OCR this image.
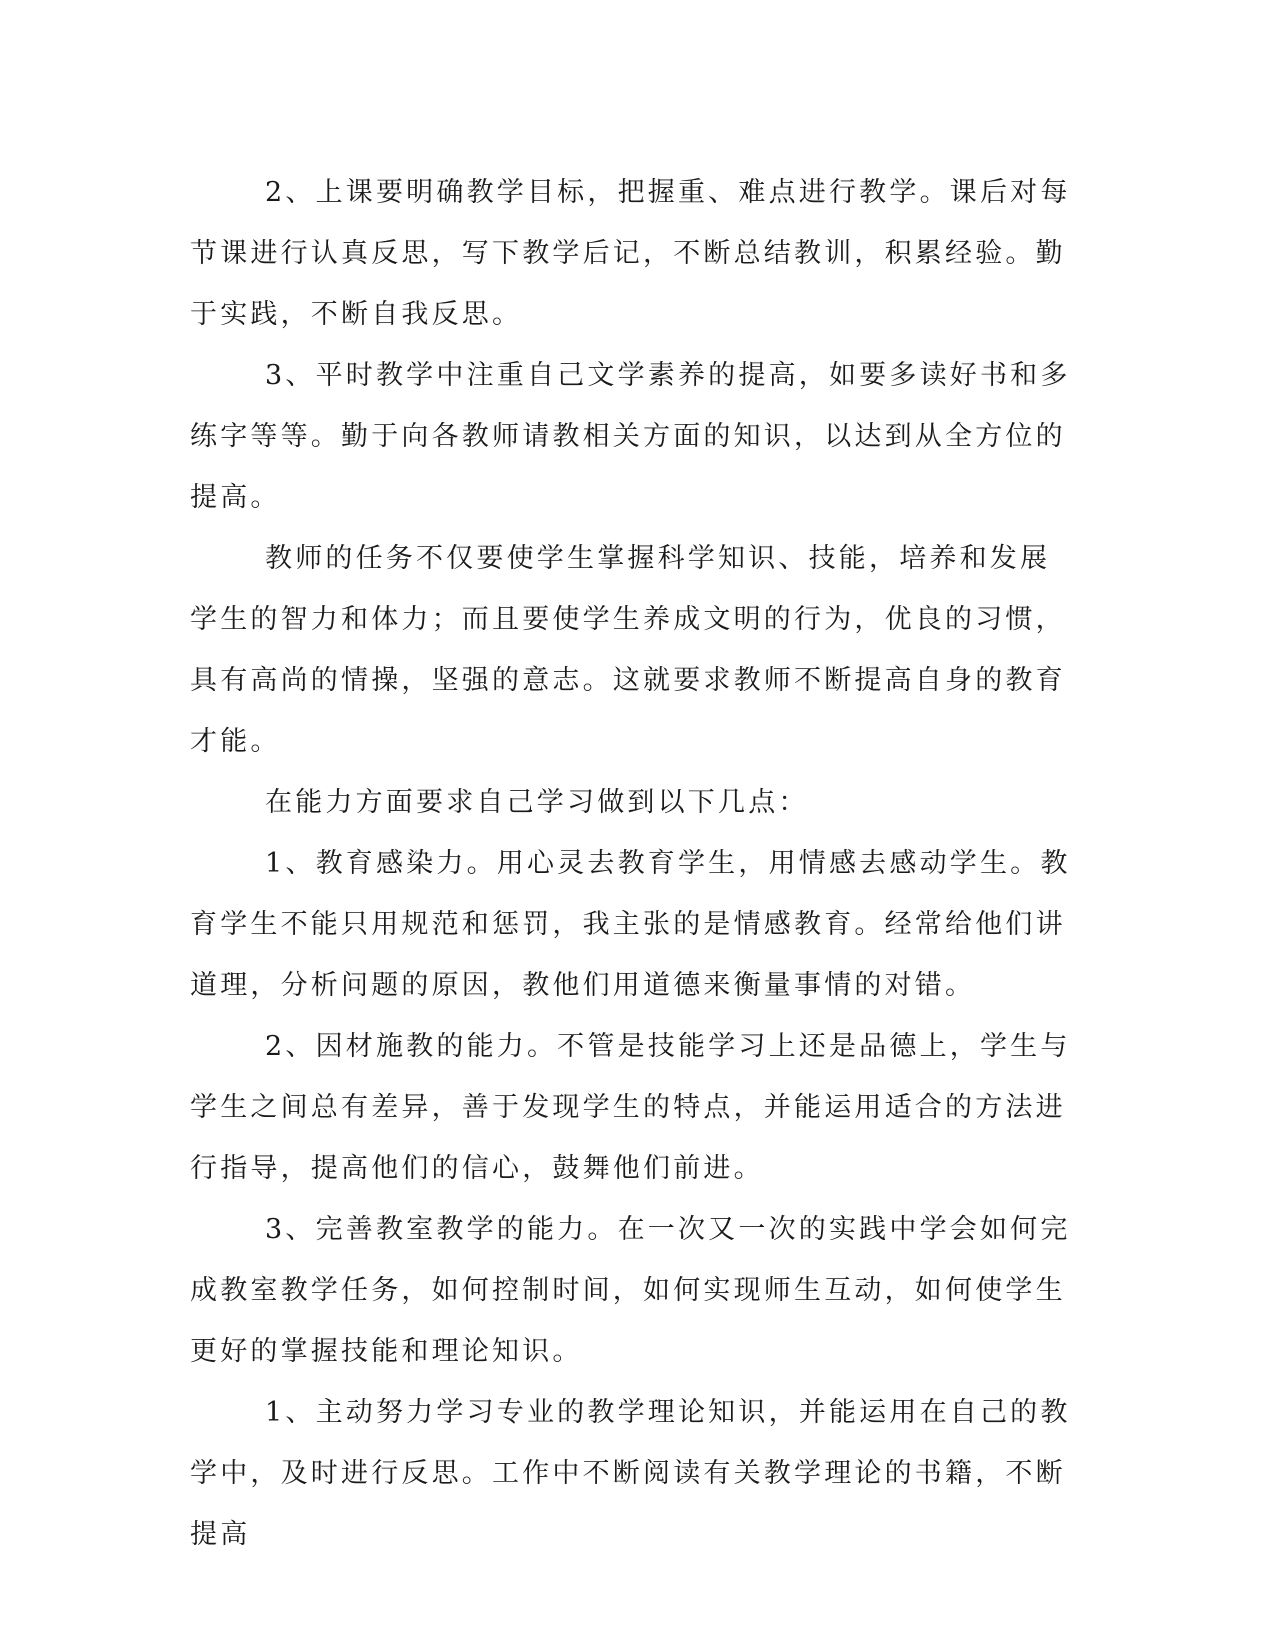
2、上课要明确教学目标，把握重、难点进行教学。课后对每节课进行认真反思，写下教学后记，不断总结教训，积累经验。勤于实践，不断自我反思。

3、平时教学中注重自己文学素养的提高，如要多读好书和多练字等等。勤于向各教师请教相关方面的知识，以达到从全方位的提高。

教师的任务不仅要使学生掌握科学知识、技能，培养和发展学生的智力和体力；而且要使学生养成文明的行为，优良的习惯，具有高尚的情操，坚强的意志。这就要求教师不断提高自身的教育才能。

在能力方面要求自己学习做到以下几点：

1、教育感染力。用心灵去教育学生，用情感去感动学生。教育学生不能只用规范和惩罚，我主张的是情感教育。经常给他们讲道理，分析问题的原因，教他们用道德来衡量事情的对错。

2、因材施教的能力。不管是技能学习上还是品德上，学生与学生之间总有差异，善于发现学生的特点，并能运用适合的方法进行指导，提高他们的信心，鼓舞他们前进。

3、完善教室教学的能力。在一次又一次的实践中学会如何完成教室教学任务，如何控制时间，如何实现师生互动，如何使学生更好的掌握技能和理论知识。

1、主动努力学习专业的教学理论知识，并能运用在自己的教学中，及时进行反思。工作中不断阅读有关教学理论的书籍，不断提高
